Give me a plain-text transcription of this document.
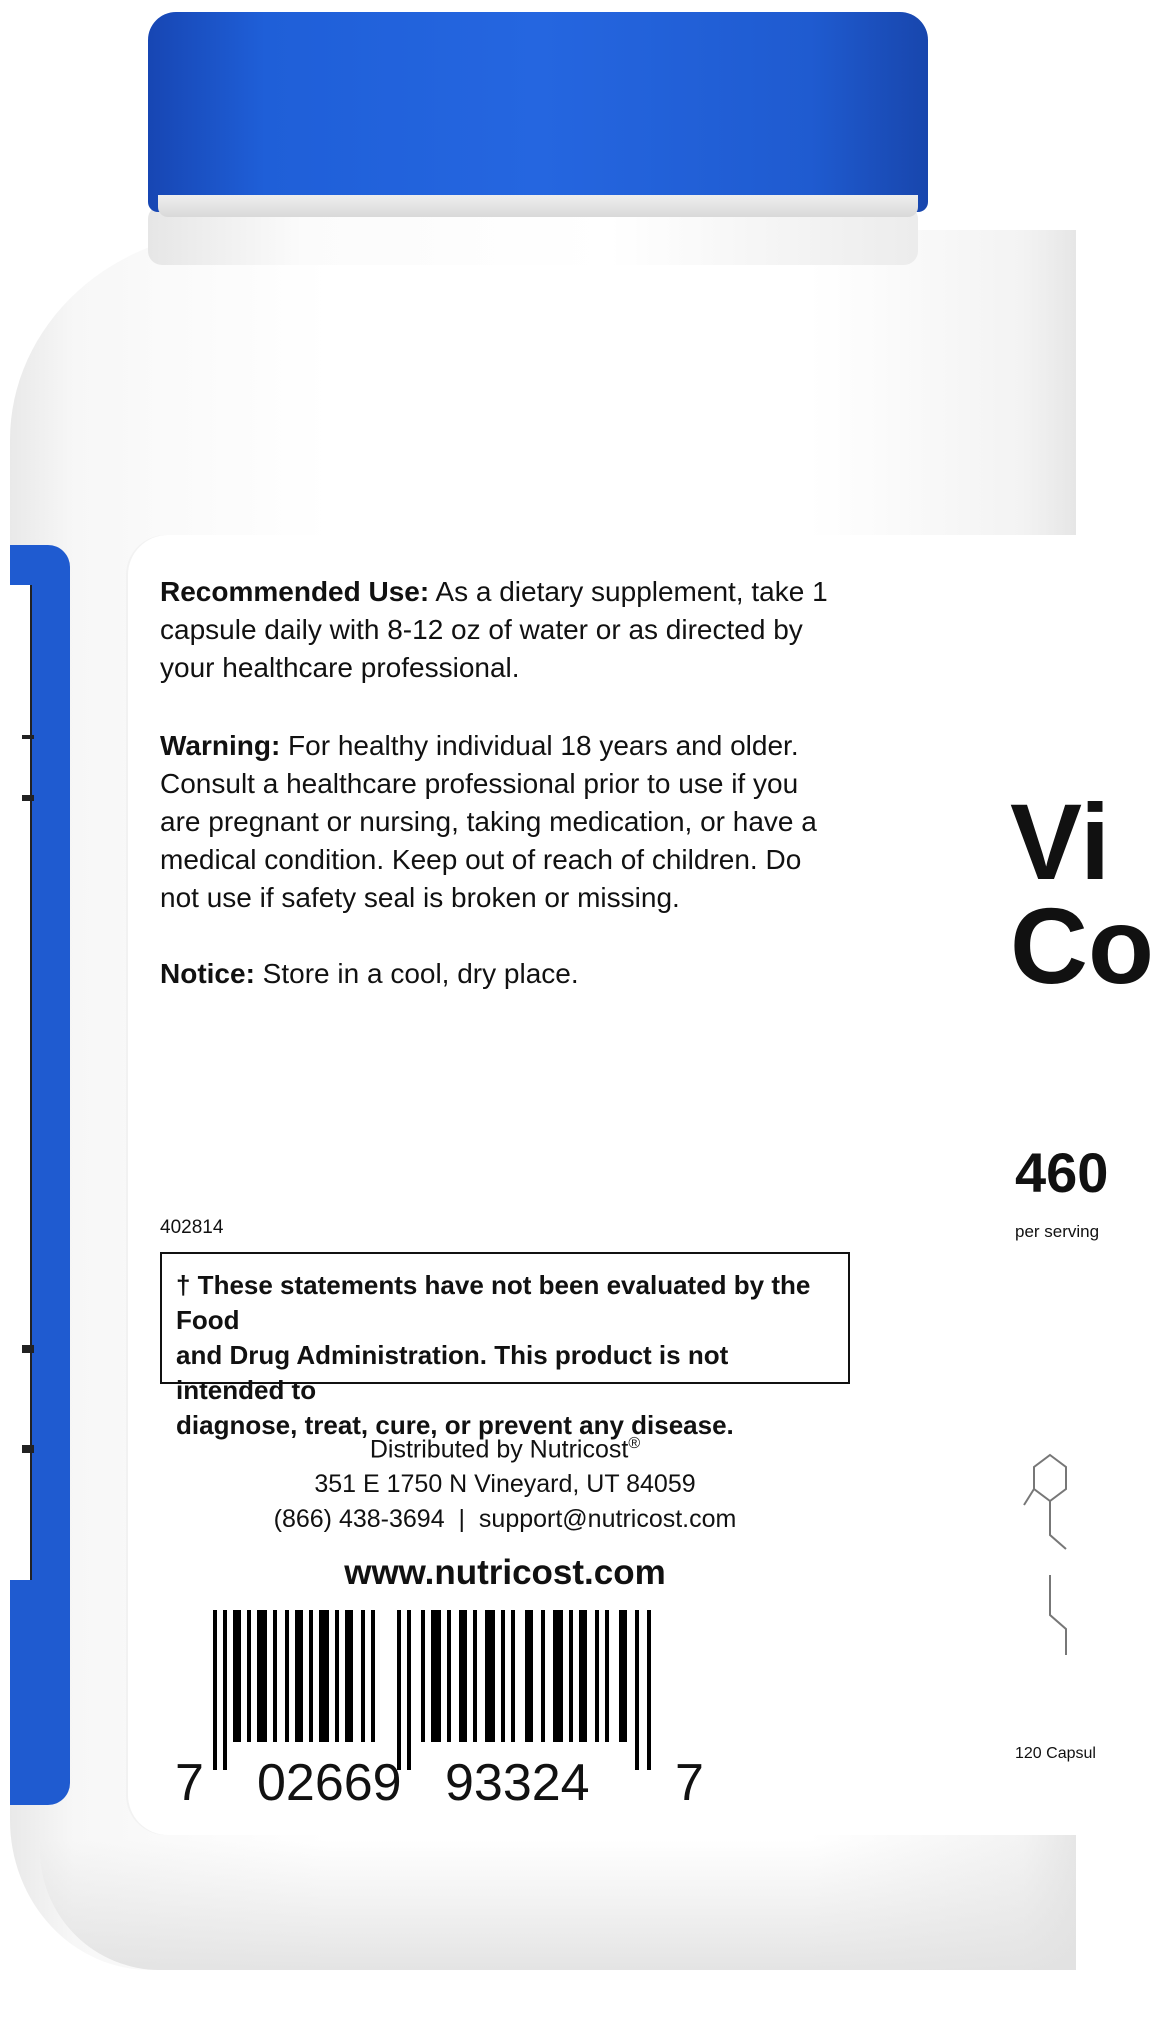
Recommended Use: As a dietary supplement, take 1
capsule daily with 8-12 oz of water or as directed by
your healthcare professional.
Warning: For healthy individual 18 years and older.
Consult a healthcare professional prior to use if you
are pregnant or nursing, taking medication, or have a
medical condition. Keep out of reach of children. Do
not use if safety seal is broken or missing.
Notice: Store in a cool, dry place.
402814
† These statements have not been evaluated by the Food
and Drug Administration. This product is not intended to
diagnose, treat, cure, or prevent any disease.
Distributed by Nutricost®
351 E 1750 N Vineyard, UT 84059
(866) 438-3694 | support@nutricost.com
www.nutricost.com
7 02669 93324 7
Vi
Co
460
per serving
120 Capsul
